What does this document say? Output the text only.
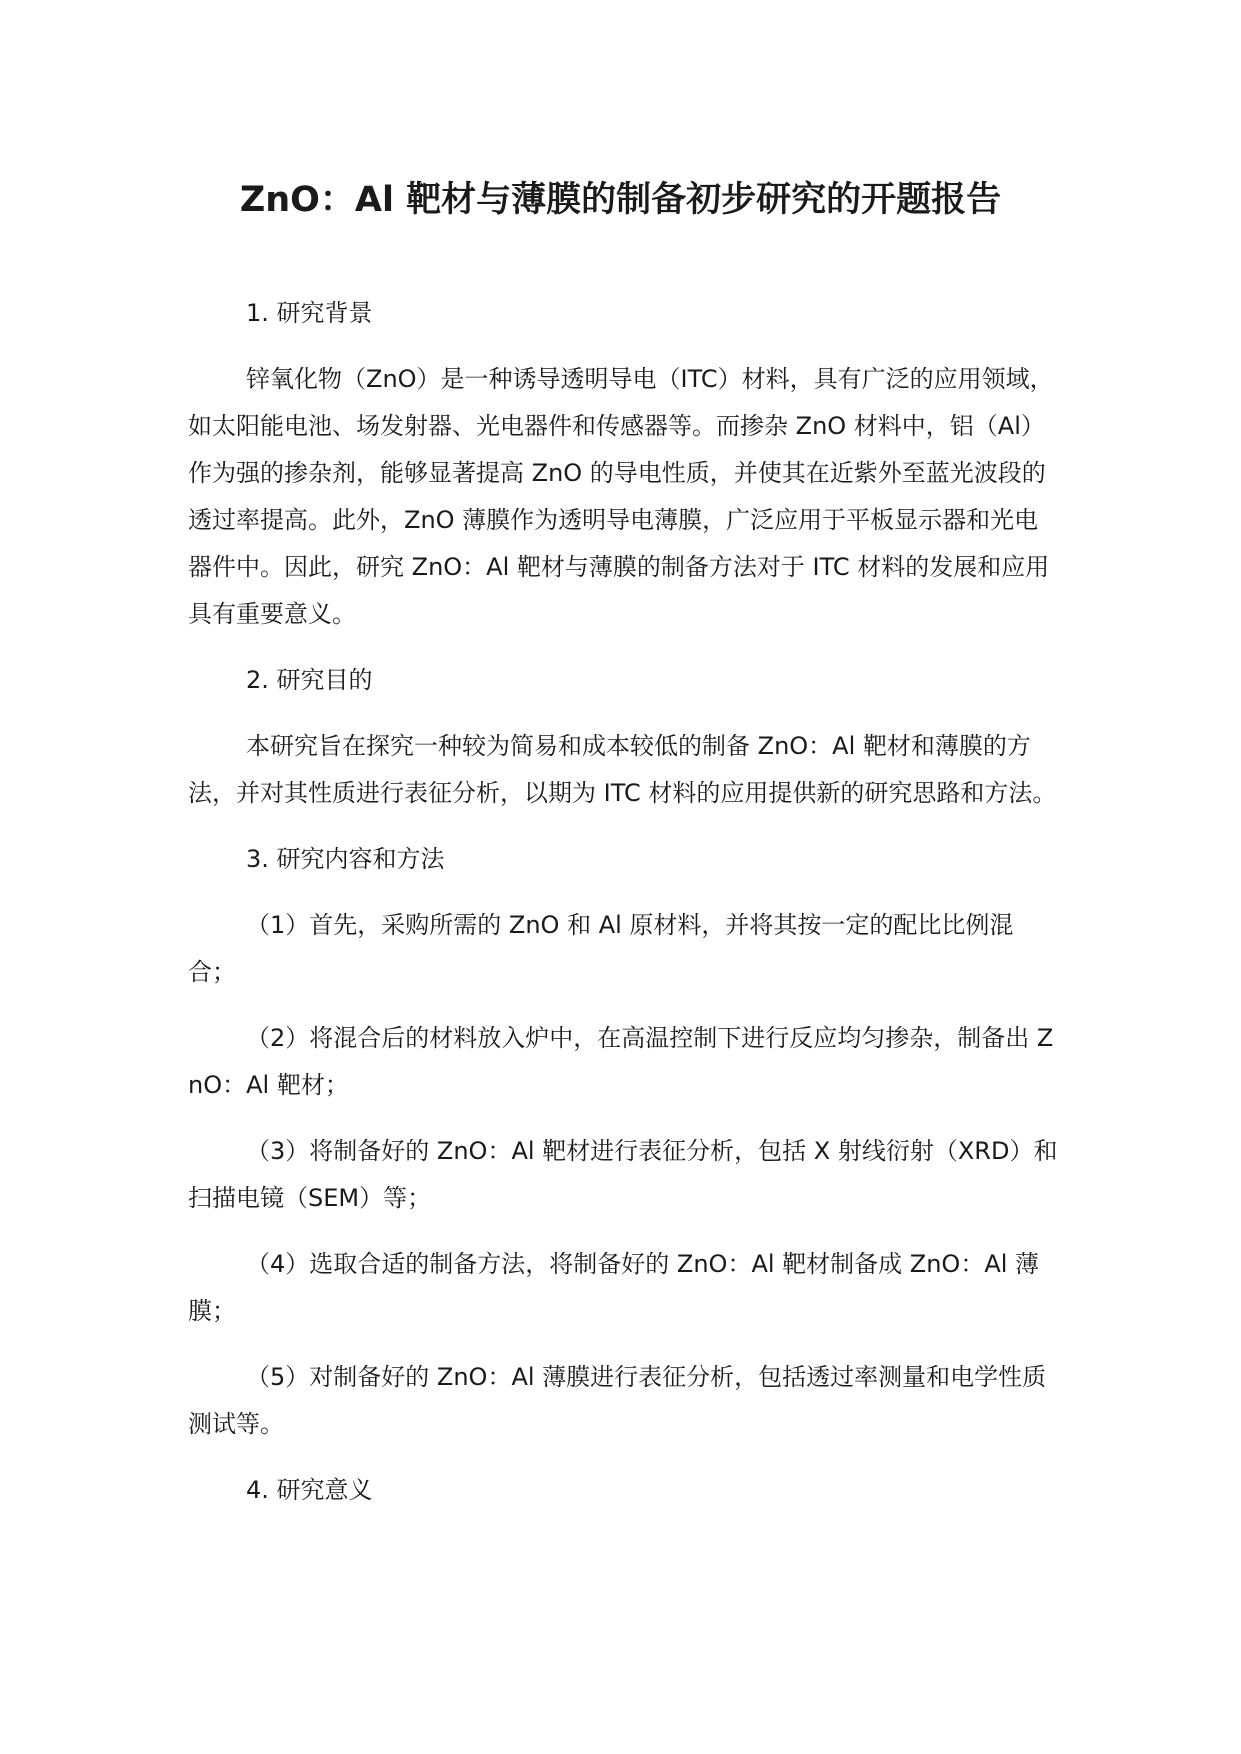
ZnO：Al 靶材与薄膜的制备初步研究的开题报告

1. 研究背景

锌氧化物（ZnO）是一种诱导透明导电（ITC）材料，具有广泛的应用领域，如太阳能电池、场发射器、光电器件和传感器等。而掺杂 ZnO 材料中，铝（Al）作为强的掺杂剂，能够显著提高 ZnO 的导电性质，并使其在近紫外至蓝光波段的透过率提高。此外，ZnO 薄膜作为透明导电薄膜，广泛应用于平板显示器和光电器件中。因此，研究 ZnO：Al 靶材与薄膜的制备方法对于 ITC 材料的发展和应用具有重要意义。

2. 研究目的

本研究旨在探究一种较为简易和成本较低的制备 ZnO：Al 靶材和薄膜的方法，并对其性质进行表征分析，以期为 ITC 材料的应用提供新的研究思路和方法。

3. 研究内容和方法

（1）首先，采购所需的 ZnO 和 Al 原材料，并将其按一定的配比比例混合；

（2）将混合后的材料放入炉中，在高温控制下进行反应均匀掺杂，制备出 ZnO：Al 靶材；

（3）将制备好的 ZnO：Al 靶材进行表征分析，包括 X 射线衍射（XRD）和扫描电镜（SEM）等；

（4）选取合适的制备方法，将制备好的 ZnO：Al 靶材制备成 ZnO：Al 薄膜；

（5）对制备好的 ZnO：Al 薄膜进行表征分析，包括透过率测量和电学性质测试等。

4. 研究意义
